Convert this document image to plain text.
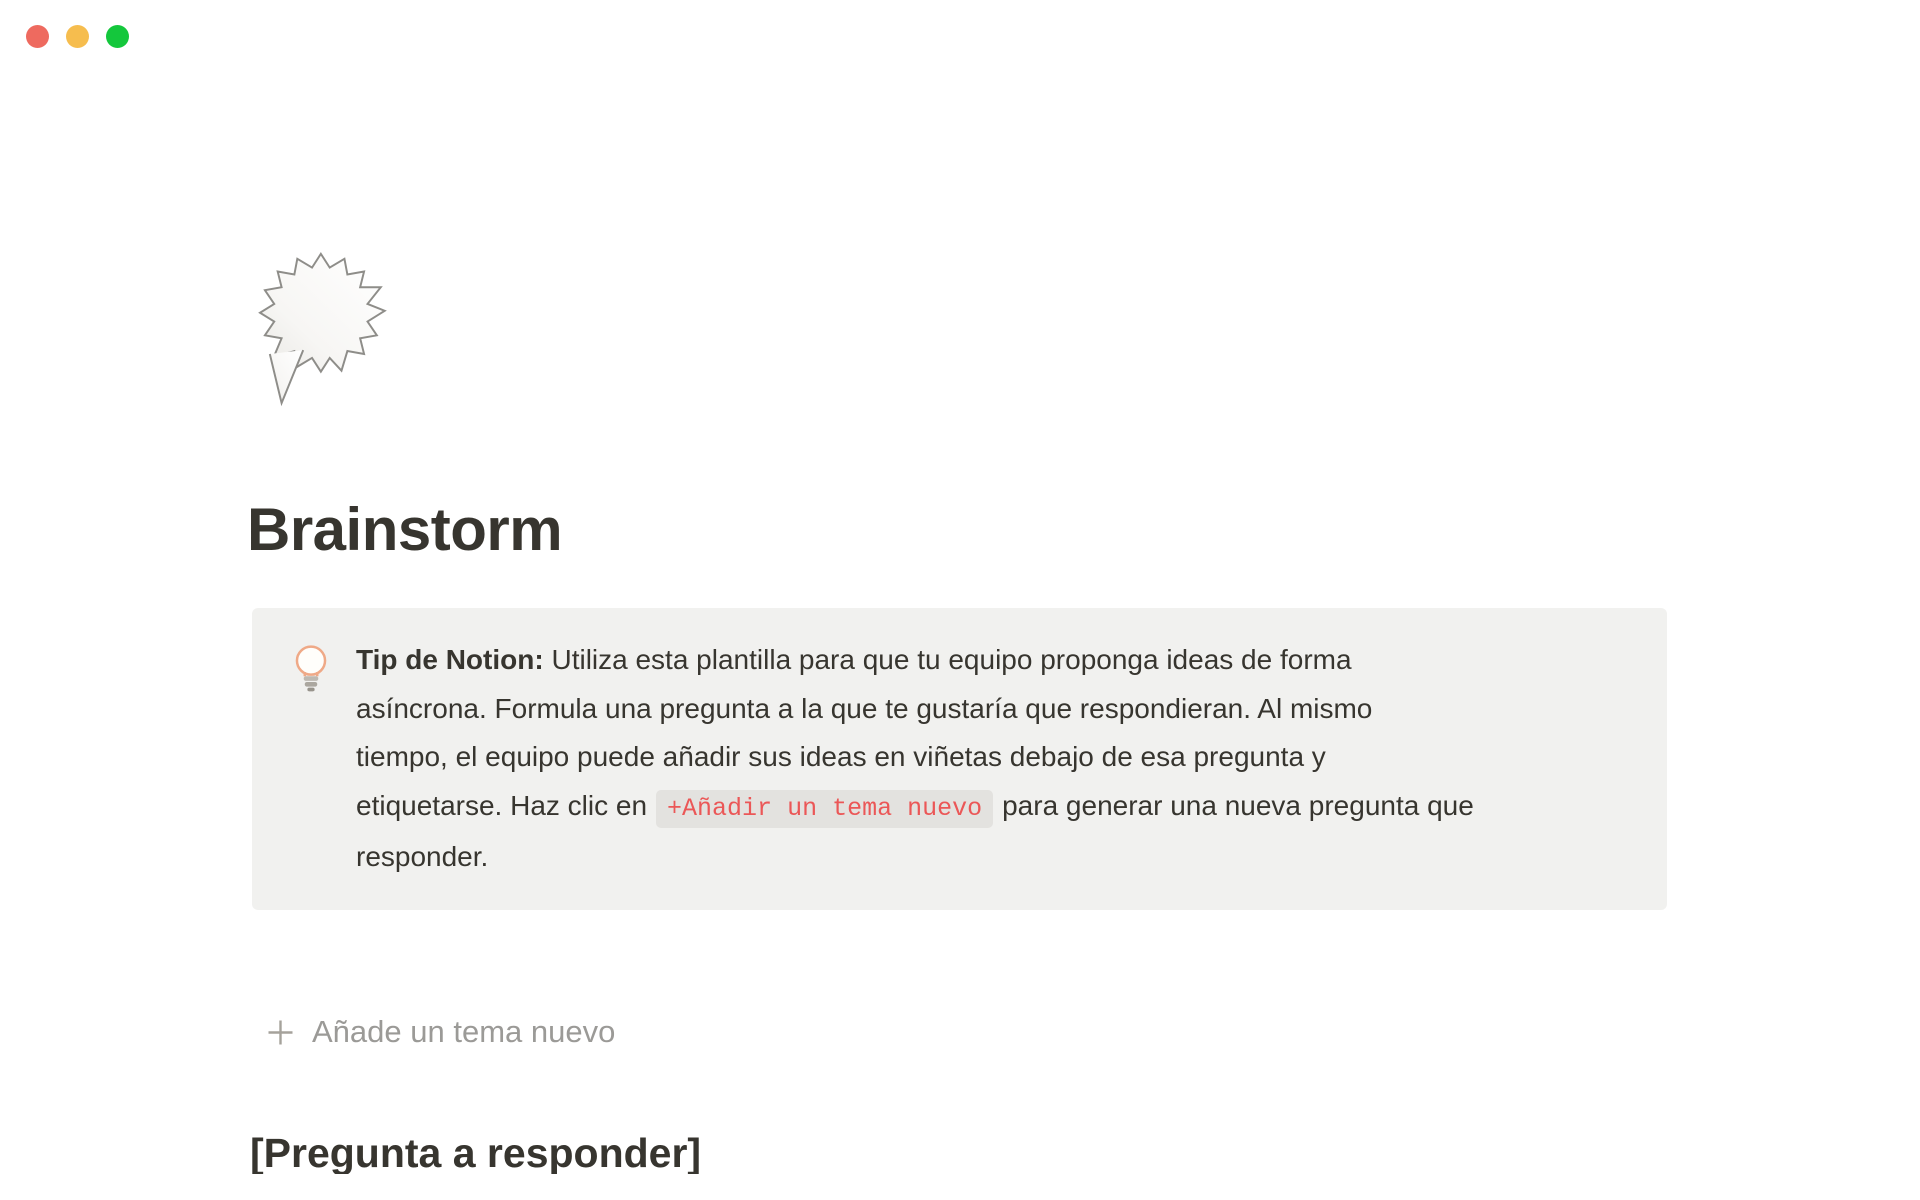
Brainstorm
Tip de Notion: Utiliza esta plantilla para que tu equipo proponga ideas de forma
asíncrona. Formula una pregunta a la que te gustaría que respondieran. Al mismo
tiempo, el equipo puede añadir sus ideas en viñetas debajo de esa pregunta y
etiquetarse. Haz clic en +Añadir un tema nuevo para generar una nueva pregunta que
responder.
Añade un tema nuevo
[Pregunta a responder]
